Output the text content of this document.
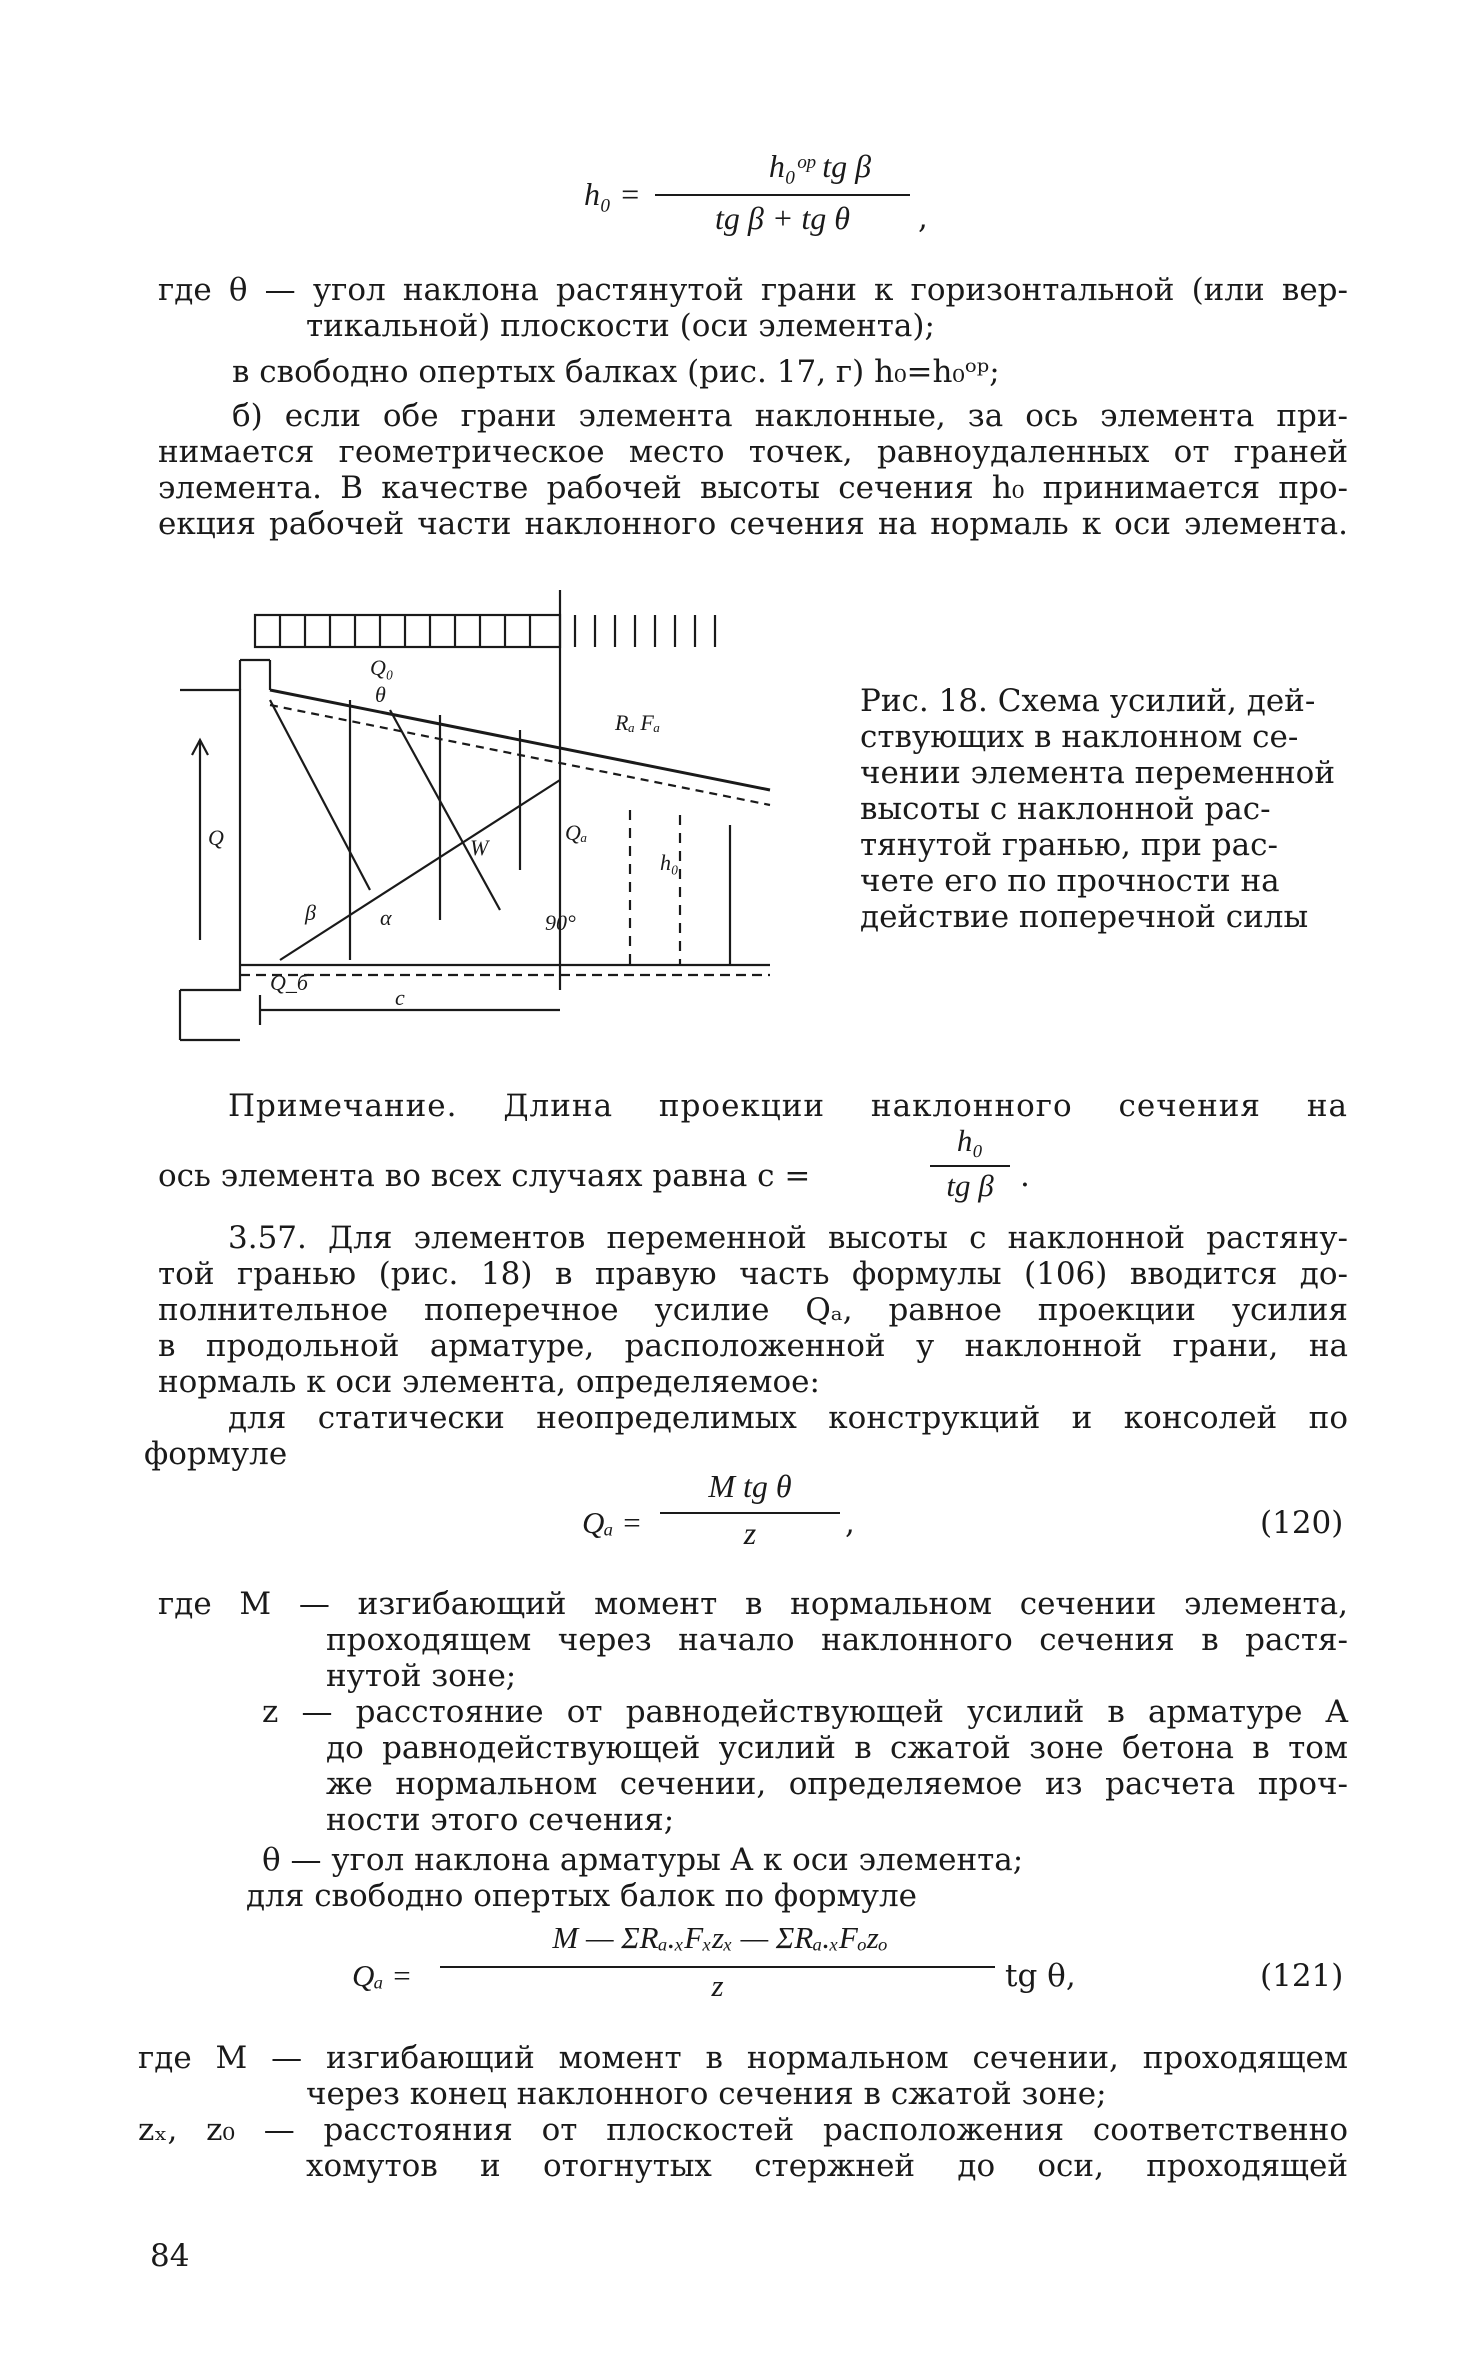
h₀ᵒᵖ tg β
h₀ =
tg β + tg θ	,
где θ — угол наклона растянутой грани к горизонтальной (или вер-
тикальной) плоскости (оси элемента);
в свободно опертых балках (рис. 17, г) h₀=h₀ᵒᵖ;
б) если обе грани элемента наклонные, за ось элемента при-
нимается геометрическое место точек, равноудаленных от граней
элемента. В качестве рабочей высоты сечения h₀ принимается про-
екция рабочей части наклонного сечения на нормаль к оси элемента.
Q₀
θ
Rₐ Fₐ
Qₐ
Q
h₀
W
β	α	90°
Q_б
c
Рис. 18. Схема усилий, дей-
ствующих в наклонном се-
чении элемента переменной
высоты с наклонной рас-
тянутой гранью, при рас-
чете его по прочности на
действие поперечной силы
Примечание. Длина проекции наклонного сечения на
ось элемента во всех случаях равна c =
h₀
tg β .
3.57. Для элементов переменной высоты с наклонной растяну-
той гранью (рис. 18) в правую часть формулы (106) вводится до-
полнительное поперечное усилие Qₐ, равное проекции усилия
в продольной арматуре, расположенной у наклонной грани, на
нормаль к оси элемента, определяемое:
для статически неопределимых конструкций и консолей по
формуле
Qₐ =
M tg θ
z	,	(120)
где M — изгибающий момент в нормальном сечении элемента,
проходящем через начало наклонного сечения в растя-
нутой зоне;
z — расстояние от равнодействующей усилий в арматуре A
до равнодействующей усилий в сжатой зоне бетона в том
же нормальном сечении, определяемое из расчета проч-
ности этого сечения;
θ — угол наклона арматуры A к оси элемента;
для свободно опертых балок по формуле
Qₐ =
M — ΣRₐ.ₓFₓzₓ — ΣRₐ.ₓFₒzₒ
z	tg θ,	(121)
где M — изгибающий момент в нормальном сечении, проходящем
через конец наклонного сечения в сжатой зоне;
zₓ, z₀ — расстояния от плоскостей расположения соответственно
хомутов и отогнутых стержней до оси, проходящей
84
